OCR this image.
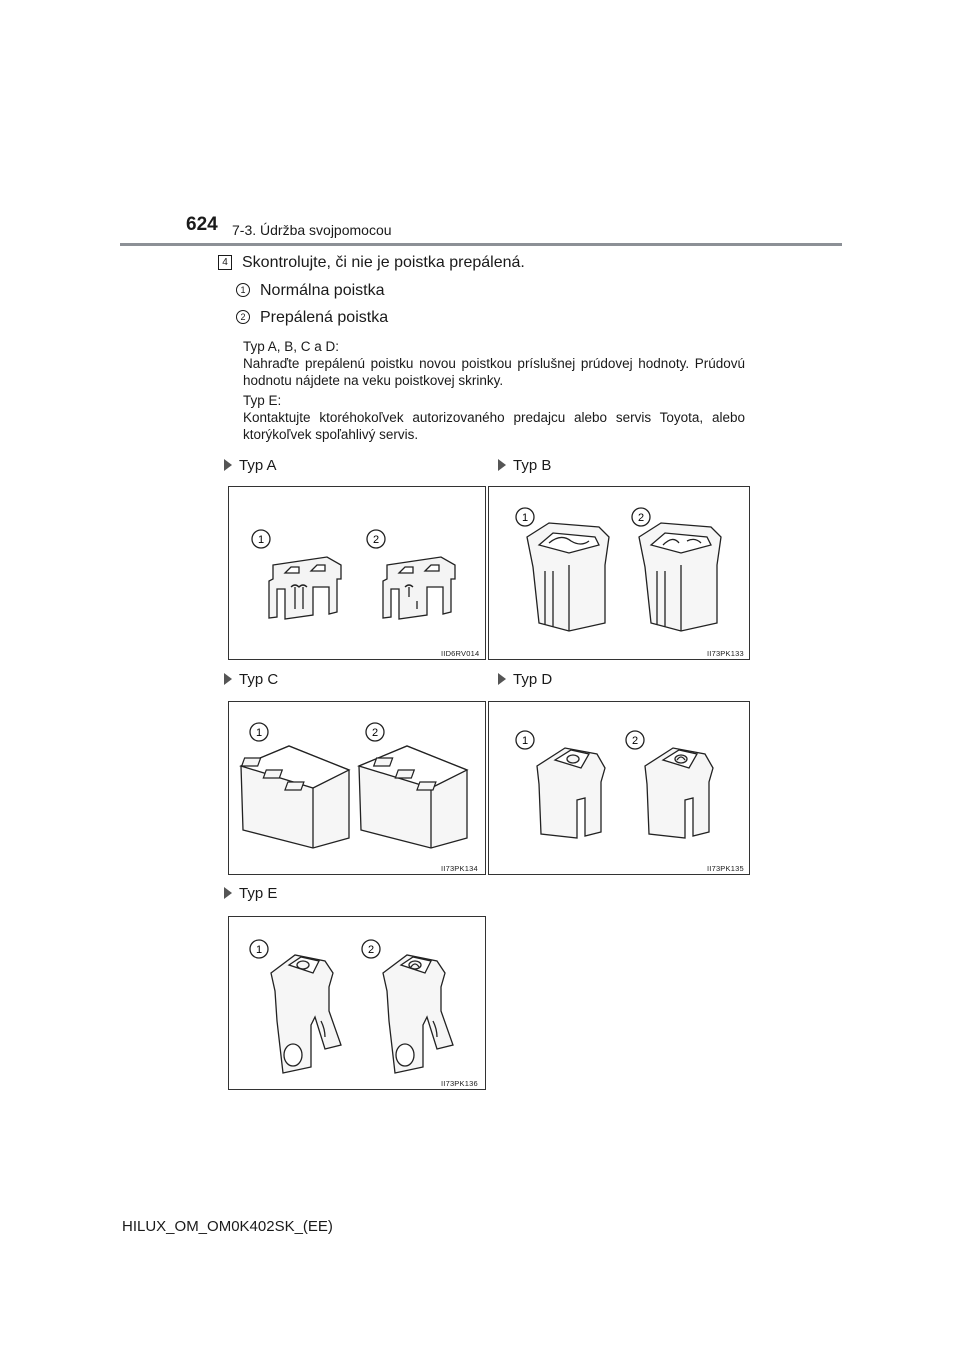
624 7-3. Údržba svojpomocou
4 Skontrolujte, či nie je poistka prepálená.
1 Normálna poistka
2 Prepálená poistka
Typ A, B, C a D:
Nahraďte prepálenú poistku novou poistkou príslušnej prúdovej hodnoty. Prúdovú hodnotu nájdete na veku poistkovej skrinky.
Typ E:
Kontaktujte ktoréhokoľvek autorizovaného predajcu alebo servis Toyota, alebo ktorýkoľvek spoľahlivý servis.
Typ A	Typ B
Typ C	Typ D
Typ E
1	2
IID6RV014
1	2
II73PK133
1	2
II73PK134
1	2
II73PK135
1	2
II73PK136
HILUX_OM_OM0K402SK_(EE)
